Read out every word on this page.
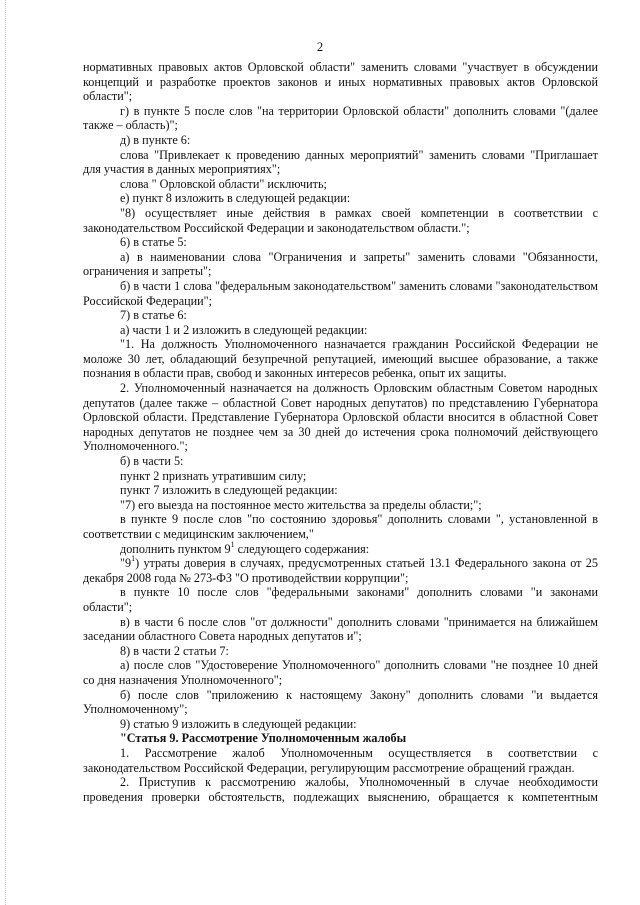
2

нормативных правовых актов Орловской области" заменить словами "участвует в обсуждении концепций и разработке проектов законов и иных нормативных правовых актов Орловской области";

г) в пункте 5 после слов "на территории Орловской области" дополнить словами "(далее также – область)";

д) в пункте 6:

слова "Привлекает к проведению данных мероприятий" заменить словами "Приглашает для участия в данных мероприятиях";

слова " Орловской области" исключить;

е) пункт 8 изложить в следующей редакции:

"8) осуществляет иные действия в рамках своей компетенции в соответствии с законодательством Российской Федерации и законодательством области.";

6) в статье 5:

а) в наименовании слова "Ограничения и запреты" заменить словами "Обязанности, ограничения и запреты";

б) в части 1 слова "федеральным законодательством" заменить словами "законодательством Российской Федерации";

7) в статье 6:

а) части 1 и 2 изложить в следующей редакции:

"1. На должность Уполномоченного назначается гражданин Российской Федерации не моложе 30 лет, обладающий безупречной репутацией, имеющий высшее образование, а также познания в области прав, свобод и законных интересов ребенка, опыт их защиты.

2. Уполномоченный назначается на должность Орловским областным Советом народных депутатов (далее также – областной Совет народных депутатов) по представлению Губернатора Орловской области. Представление Губернатора Орловской области вносится в областной Совет народных депутатов не позднее чем за 30 дней до истечения срока полномочий действующего Уполномоченного.";

б) в части 5:

пункт 2 признать утратившим силу;

пункт 7 изложить в следующей редакции:

"7) его выезда на постоянное место жительства за пределы области;";

в пункте 9 после слов "по состоянию здоровья" дополнить словами ", установленной в соответствии с медицинским заключением,"

дополнить пунктом $9^1$ следующего содержания:

"$9^1$) утраты доверия в случаях, предусмотренных статьей 13.1 Федерального закона от 25 декабря 2008 года № 273-ФЗ "О противодействии коррупции";

в пункте 10 после слов "федеральными законами" дополнить словами "и законами области";

в) в части 6 после слов "от должности" дополнить словами "принимается на ближайшем заседании областного Совета народных депутатов и";

8) в части 2 статьи 7:

а) после слов "Удостоверение Уполномоченного" дополнить словами "не позднее 10 дней со дня назначения Уполномоченного";

б) после слов "приложению к настоящему Закону" дополнить словами "и выдается Уполномоченному";

9) статью 9 изложить в следующей редакции:

"Статья 9. Рассмотрение Уполномоченным жалобы

1. Рассмотрение жалоб Уполномоченным осуществляется в соответствии с законодательством Российской Федерации, регулирующим рассмотрение обращений граждан.

2. Приступив к рассмотрению жалобы, Уполномоченный в случае необходимости проведения проверки обстоятельств, подлежащих выяснению, обращается к компетентным
